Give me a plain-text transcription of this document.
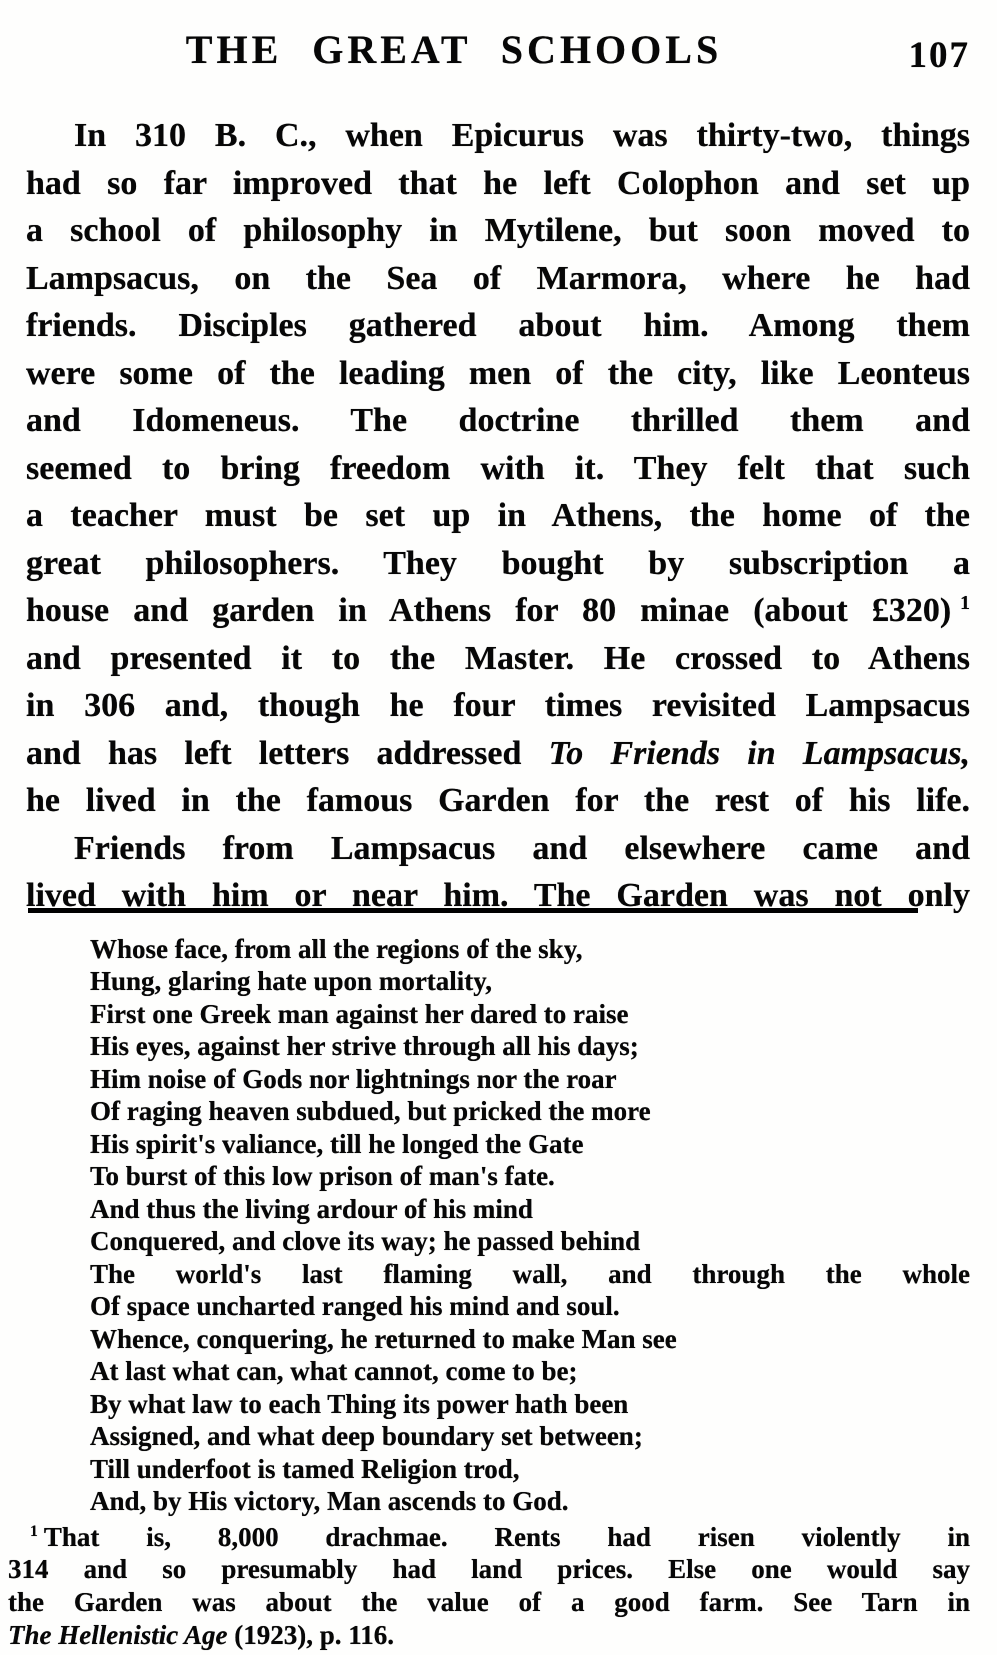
THE GREAT SCHOOLS	107
In 310 B. C., when Epicurus was thirty-two, things
had so far improved that he left Colophon and set up
a school of philosophy in Mytilene, but soon moved to
Lampsacus, on the Sea of Marmora, where he had
friends. Disciples gathered about him. Among them
were some of the leading men of the city, like Leonteus
and Idomeneus. The doctrine thrilled them and
seemed to bring freedom with it. They felt that such
a teacher must be set up in Athens, the home of the
great philosophers. They bought by subscription a
house and garden in Athens for 80 minae (about £320) $^1$
and presented it to the Master. He crossed to Athens
in 306 and, though he four times revisited Lampsacus
and has left letters addressed To Friends in Lampsacus,
he lived in the famous Garden for the rest of his life.
Friends from Lampsacus and elsewhere came and
lived with him or near him. The Garden was not only
Whose face, from all the regions of the sky,
Hung, glaring hate upon mortality,
First one Greek man against her dared to raise
His eyes, against her strive through all his days;
Him noise of Gods nor lightnings nor the roar
Of raging heaven subdued, but pricked the more
His spirit's valiance, till he longed the Gate
To burst of this low prison of man's fate.
And thus the living ardour of his mind
Conquered, and clove its way; he passed behind
The world's last flaming wall, and through the whole
Of space uncharted ranged his mind and soul.
Whence, conquering, he returned to make Man see
At last what can, what cannot, come to be;
By what law to each Thing its power hath been
Assigned, and what deep boundary set between;
Till underfoot is tamed Religion trod,
And, by His victory, Man ascends to God.
$^1$ That is, 8,000 drachmae. Rents had risen violently in
314 and so presumably had land prices. Else one would say
the Garden was about the value of a good farm. See Tarn in
The Hellenistic Age (1923), p. 116.
